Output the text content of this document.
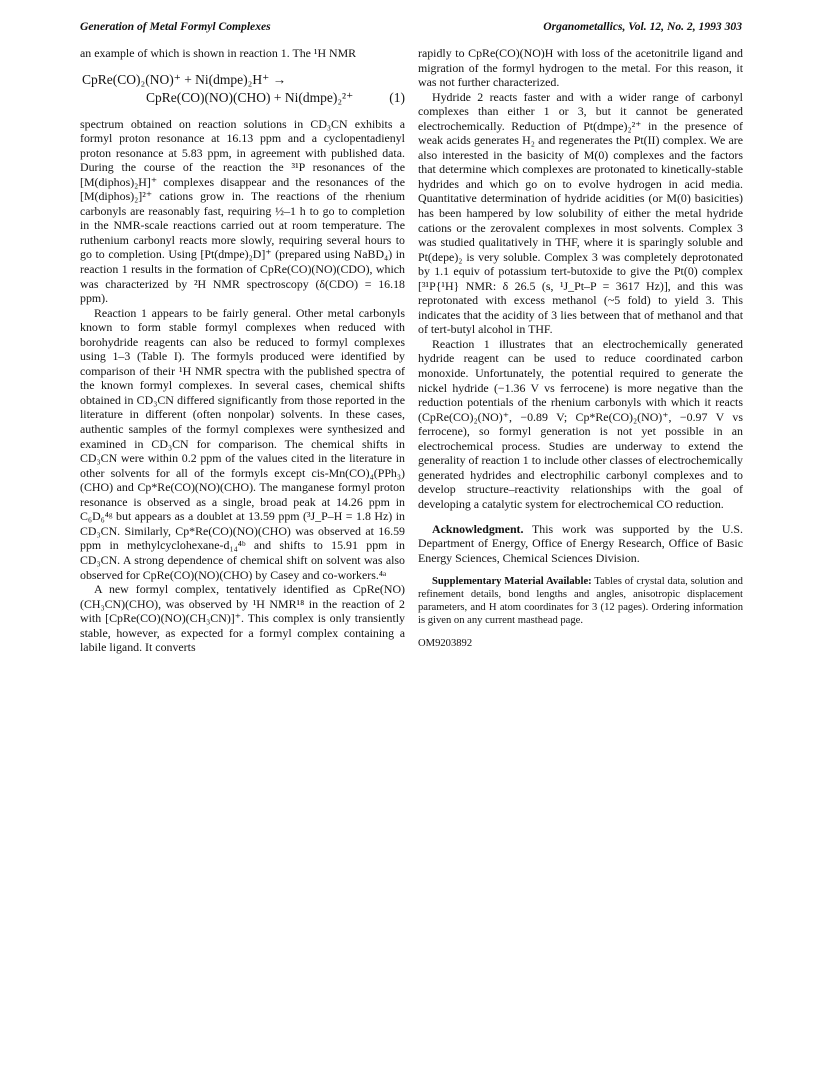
Generation of Metal Formyl Complexes	Organometallics, Vol. 12, No. 2, 1993 303

an example of which is shown in reaction 1. The ¹H NMR

CpRe(CO)₂(NO)⁺ + Ni(dmpe)₂H⁺ →
CpRe(CO)(NO)(CHO) + Ni(dmpe)₂²⁺	(1)

spectrum obtained on reaction solutions in CD₃CN exhibits a formyl proton resonance at 16.13 ppm and a cyclopentadienyl proton resonance at 5.83 ppm, in agreement with published data. During the course of the reaction the ³¹P resonances of the [M(diphos)₂H]⁺ complexes disappear and the resonances of the [M(diphos)₂]²⁺ cations grow in. The reactions of the rhenium carbonyls are reasonably fast, requiring ½–1 h to go to completion in the NMR-scale reactions carried out at room temperature. The ruthenium carbonyl reacts more slowly, requiring several hours to go to completion. Using [Pt(dmpe)₂D]⁺ (prepared using NaBD₄) in reaction 1 results in the formation of CpRe(CO)(NO)(CDO), which was characterized by ²H NMR spectroscopy (δ(CDO) = 16.18 ppm).

Reaction 1 appears to be fairly general. Other metal carbonyls known to form stable formyl complexes when reduced with borohydride reagents can also be reduced to formyl complexes using 1–3 (Table I). The formyls produced were identified by comparison of their ¹H NMR spectra with the published spectra of the known formyl complexes. In several cases, chemical shifts obtained in CD₃CN differed significantly from those reported in the literature in different (often nonpolar) solvents. In these cases, authentic samples of the formyl complexes were synthesized and examined in CD₃CN for comparison. The chemical shifts in CD₃CN were within 0.2 ppm of the values cited in the literature in other solvents for all of the formyls except cis-Mn(CO)₄(PPh₃)(CHO) and Cp*Re(CO)(NO)(CHO). The manganese formyl proton resonance is observed as a single, broad peak at 14.26 ppm in C₆D₆⁴ᵍ but appears as a doublet at 13.59 ppm (³J_P–H = 1.8 Hz) in CD₃CN. Similarly, Cp*Re(CO)(NO)(CHO) was observed at 16.59 ppm in methylcyclohexane-d₁₄⁴ᵇ and shifts to 15.91 ppm in CD₃CN. A strong dependence of chemical shift on solvent was also observed for CpRe(CO)(NO)(CHO) by Casey and co-workers.⁴ᵃ

A new formyl complex, tentatively identified as CpRe(NO)(CH₃CN)(CHO), was observed by ¹H NMR¹⁸ in the reaction of 2 with [CpRe(CO)(NO)(CH₃CN)]⁺. This complex is only transiently stable, however, as expected for a formyl complex containing a labile ligand. It converts

rapidly to CpRe(CO)(NO)H with loss of the acetonitrile ligand and migration of the formyl hydrogen to the metal. For this reason, it was not further characterized.

Hydride 2 reacts faster and with a wider range of carbonyl complexes than either 1 or 3, but it cannot be generated electrochemically. Reduction of Pt(dmpe)₂²⁺ in the presence of weak acids generates H₂ and regenerates the Pt(II) complex. We are also interested in the basicity of M(0) complexes and the factors that determine which complexes are protonated to kinetically-stable hydrides and which go on to evolve hydrogen in acid media. Quantitative determination of hydride acidities (or M(0) basicities) has been hampered by low solubility of either the metal hydride cations or the zerovalent complexes in most solvents. Complex 3 was studied qualitatively in THF, where it is sparingly soluble and Pt(depe)₂ is very soluble. Complex 3 was completely deprotonated by 1.1 equiv of potassium tert-butoxide to give the Pt(0) complex [³¹P{¹H} NMR: δ 26.5 (s, ¹J_Pt–P = 3617 Hz)], and this was reprotonated with excess methanol (~5 fold) to yield 3. This indicates that the acidity of 3 lies between that of methanol and that of tert-butyl alcohol in THF.

Reaction 1 illustrates that an electrochemically generated hydride reagent can be used to reduce coordinated carbon monoxide. Unfortunately, the potential required to generate the nickel hydride (−1.36 V vs ferrocene) is more negative than the reduction potentials of the rhenium carbonyls with which it reacts (CpRe(CO)₂(NO)⁺, −0.89 V; Cp*Re(CO)₂(NO)⁺, −0.97 V vs ferrocene), so formyl generation is not yet possible in an electrochemical process. Studies are underway to extend the generality of reaction 1 to include other classes of electrochemically generated hydrides and electrophilic carbonyl complexes and to develop structure–reactivity relationships with the goal of developing a catalytic system for electrochemical CO reduction.

Acknowledgment. This work was supported by the U.S. Department of Energy, Office of Energy Research, Office of Basic Energy Sciences, Chemical Sciences Division.

Supplementary Material Available: Tables of crystal data, solution and refinement details, bond lengths and angles, anisotropic displacement parameters, and H atom coordinates for 3 (12 pages). Ordering information is given on any current masthead page.

OM9203892
